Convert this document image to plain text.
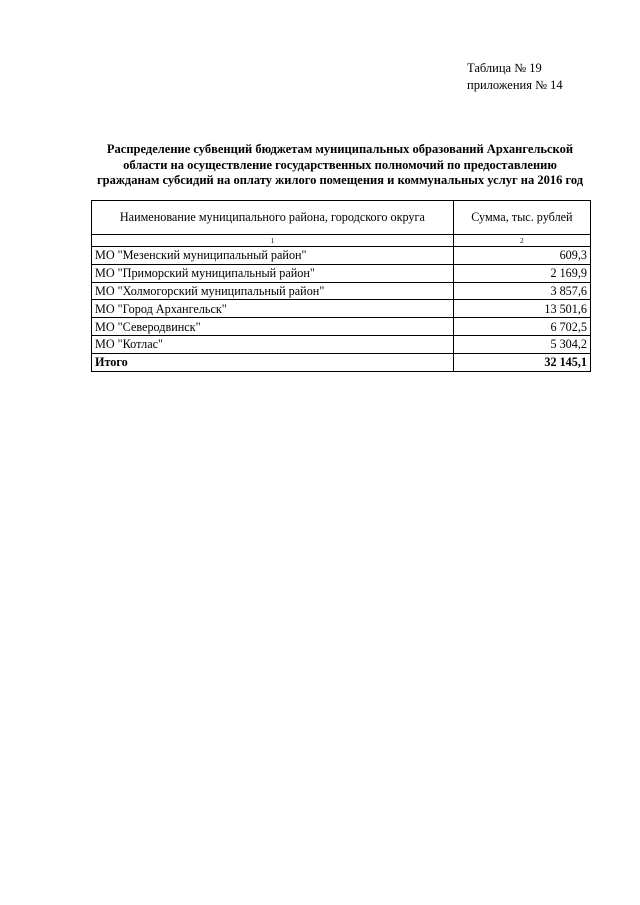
Таблица № 19
приложения № 14
Распределение субвенций бюджетам муниципальных образований Архангельской
области на осуществление государственных полномочий по предоставлению
гражданам субсидий на оплату жилого помещения и коммунальных услуг на 2016 год
Наименование муниципального района, городского округа	Сумма, тыс. рублей
1	2
МО "Мезенский муниципальный район"	609,3
МО "Приморский муниципальный район"	2 169,9
МО "Холмогорский муниципальный район"	3 857,6
МО "Город Архангельск"	13 501,6
МО "Северодвинск"	6 702,5
МО "Котлас"	5 304,2
Итого	32 145,1
